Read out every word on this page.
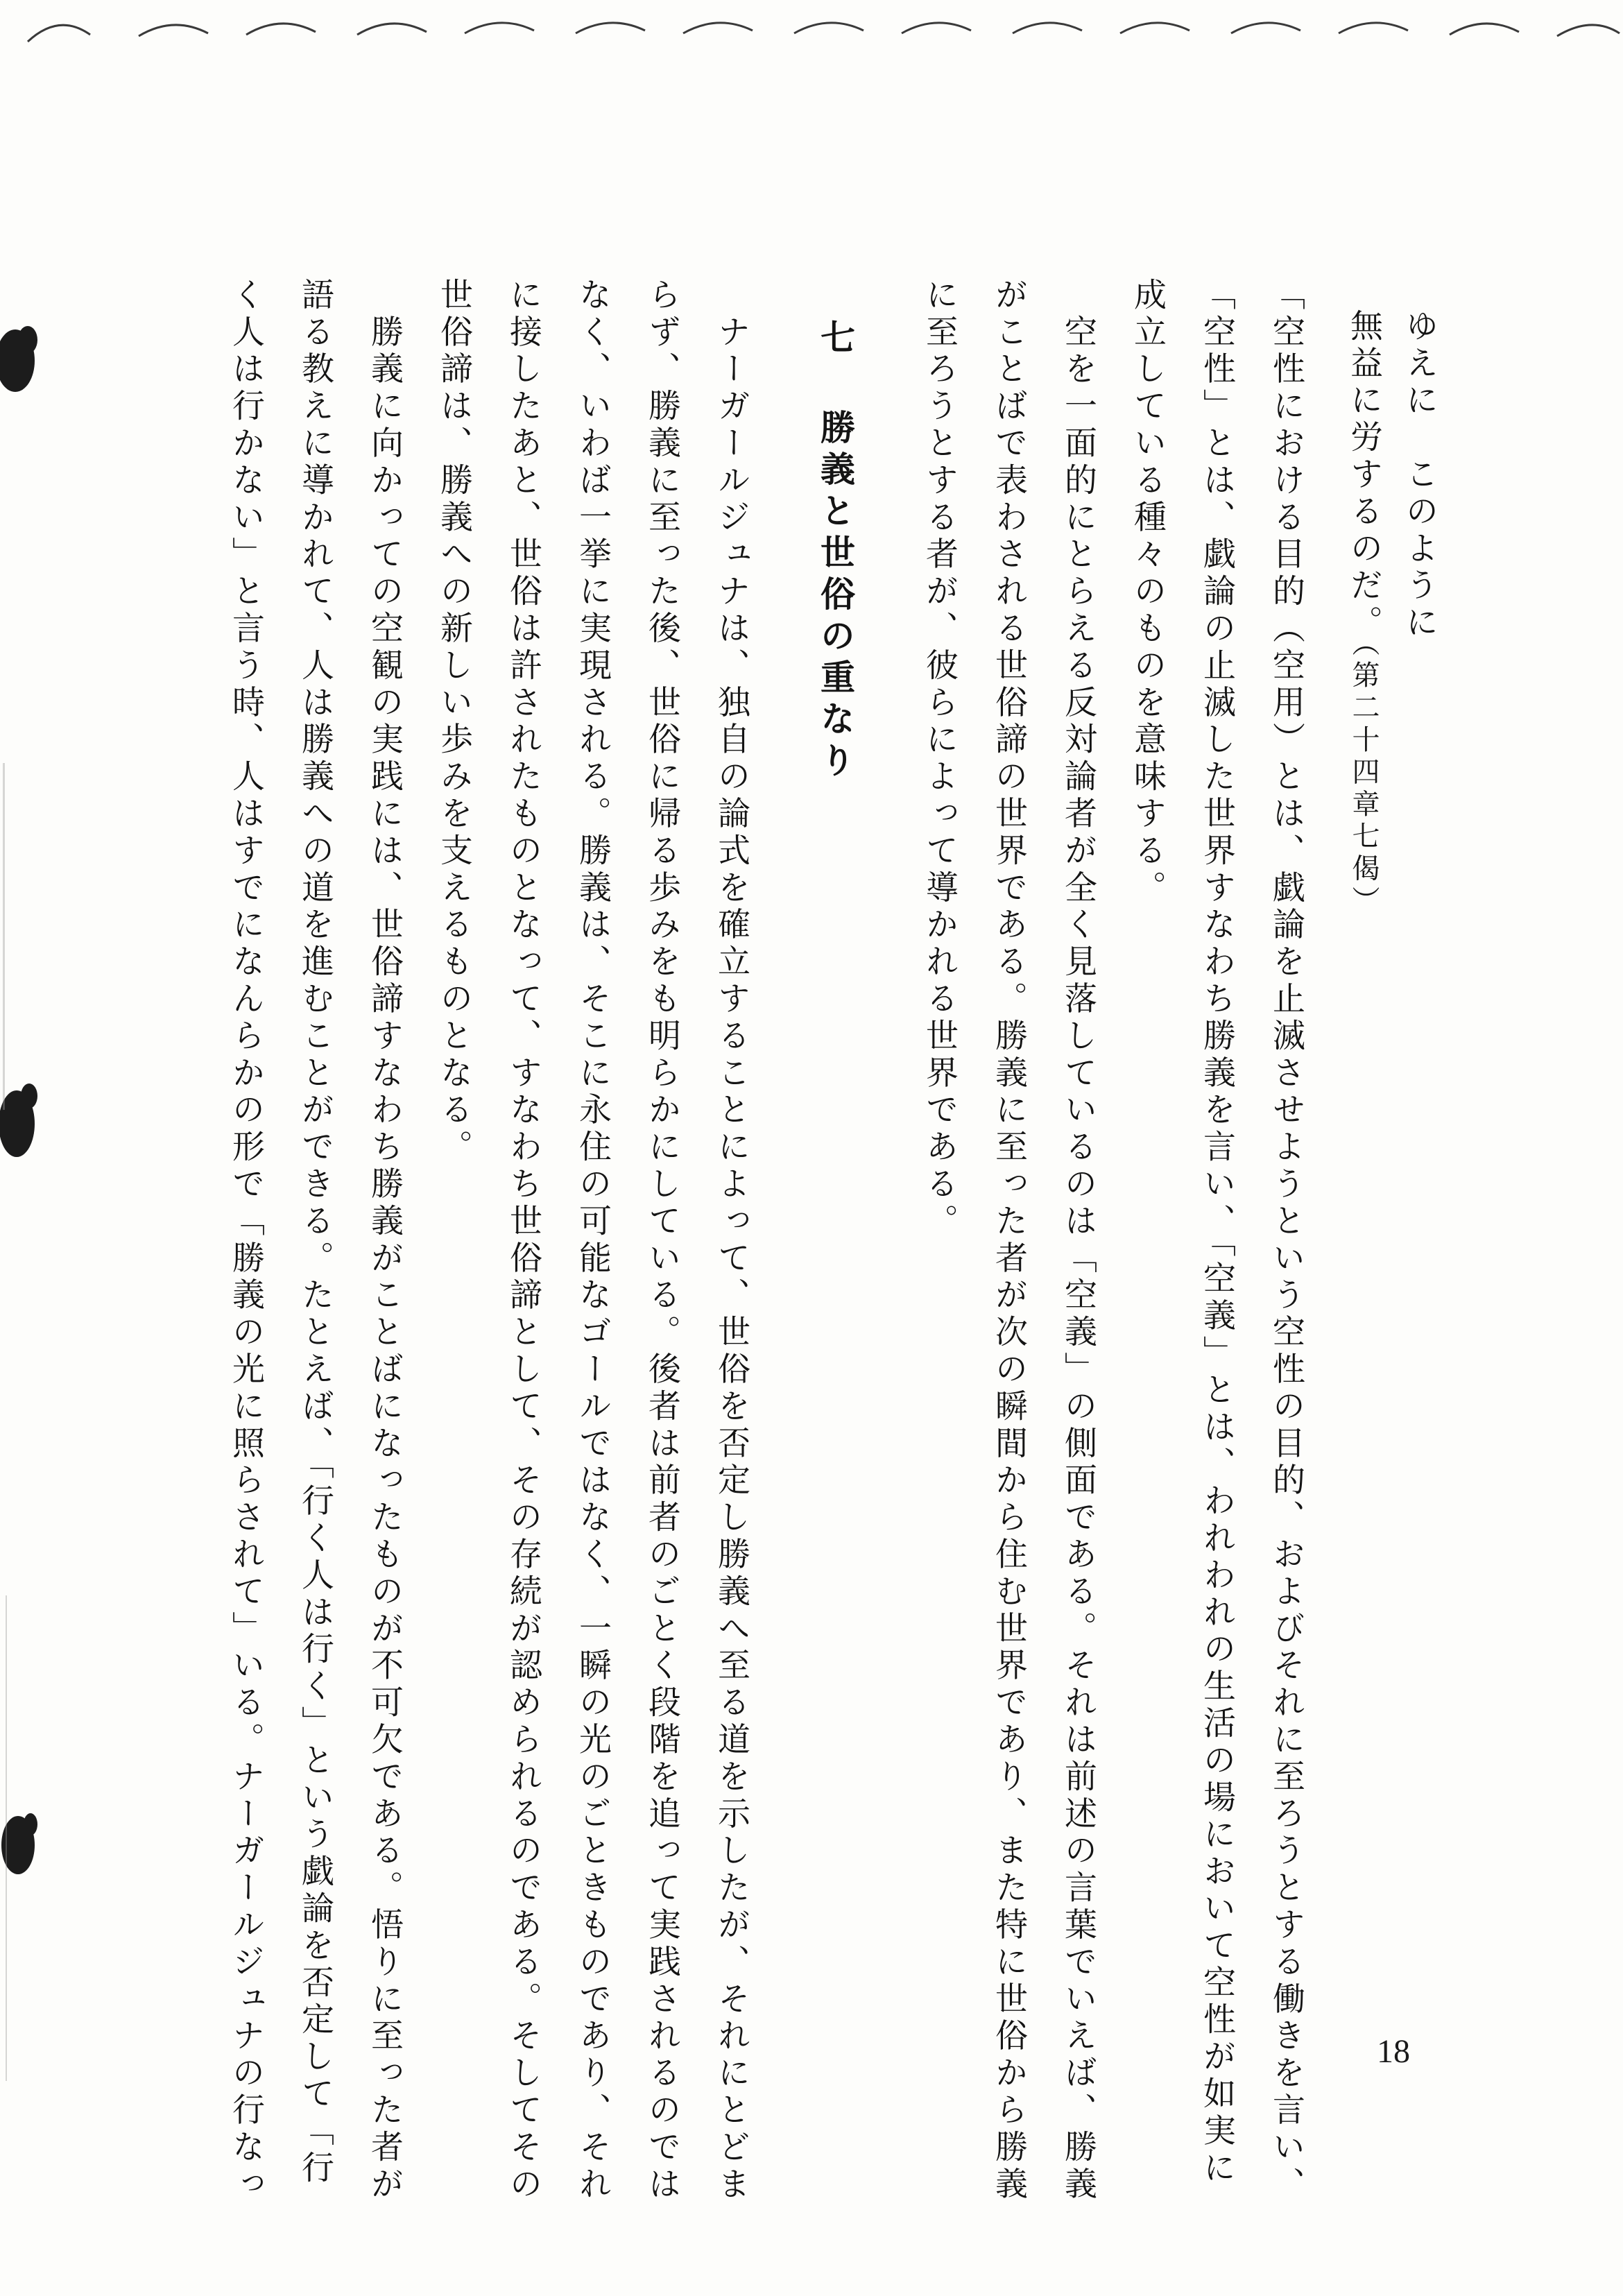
ゆえに　このように
無益に労するのだ。（第二十四章七偈）
「空性における目的（空用）とは、戯論を止滅させようという空性の目的、およびそれに至ろうとする働きを言い、
「空性」とは、戯論の止滅した世界すなわち勝義を言い、「空義」とは、われわれの生活の場において空性が如実に
成立している種々のものを意味する。
　空を一面的にとらえる反対論者が全く見落しているのは「空義」の側面である。それは前述の言葉でいえば、勝義
がことばで表わされる世俗諦の世界である。勝義に至った者が次の瞬間から住む世界であり、また特に世俗から勝義
に至ろうとする者が、彼らによって導かれる世界である。
七勝義と世俗の重なり
　ナーガールジュナは、独自の論式を確立することによって、世俗を否定し勝義へ至る道を示したが、それにとどま
らず、勝義に至った後、世俗に帰る歩みをも明らかにしている。後者は前者のごとく段階を追って実践されるのでは
なく、いわば一挙に実現される。勝義は、そこに永住の可能なゴールではなく、一瞬の光のごときものであり、それ
に接したあと、世俗は許されたものとなって、すなわち世俗諦として、その存続が認められるのである。そしてその
世俗諦は、勝義への新しい歩みを支えるものとなる。
　勝義に向かっての空観の実践には、世俗諦すなわち勝義がことばになったものが不可欠である。悟りに至った者が
語る教えに導かれて、人は勝義への道を進むことができる。たとえば、「行く人は行く」という戯論を否定して「行
く人は行かない」と言う時、人はすでになんらかの形で「勝義の光に照らされて」いる。ナーガールジュナの行なっ	18
